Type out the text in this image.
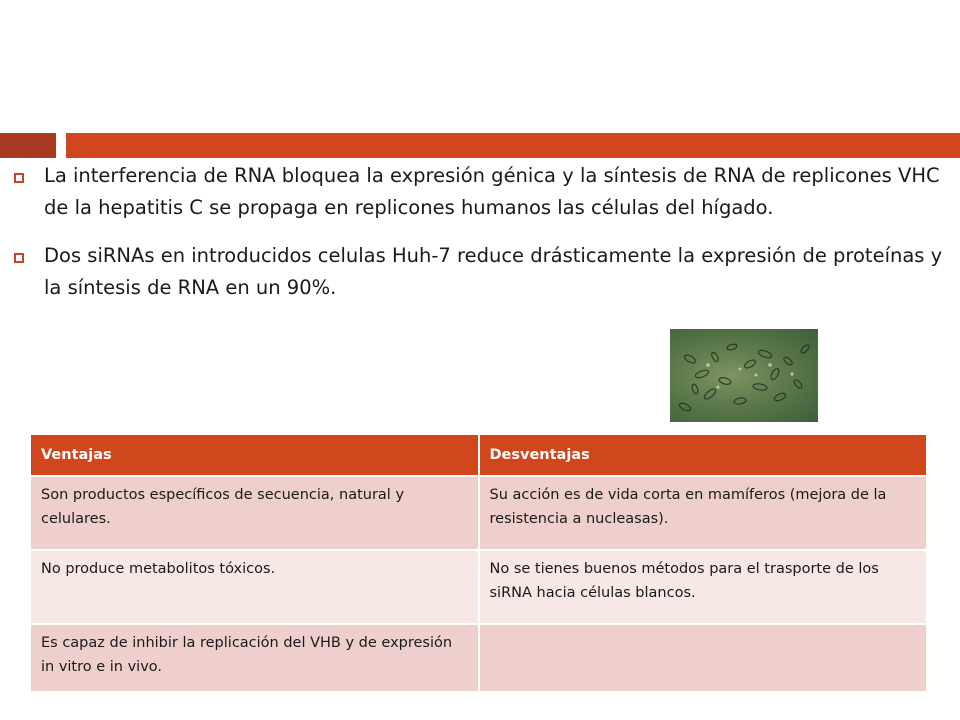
La interferencia de RNA bloquea la expresión génica y la síntesis de RNA de replicones VHC de la hepatitis C se propaga en replicones humanos las células del hígado.
Dos siRNAs en introducidos celulas Huh-7 reduce drásticamente la expresión de proteínas y la síntesis de RNA en un 90%.
Ventajas	Desventajas
Son productos específicos de secuencia, natural y celulares.	Su acción es de vida corta en mamíferos (mejora de la resistencia a nucleasas).
No produce metabolitos tóxicos.	No se tienes buenos métodos para el trasporte de los siRNA hacia células blancos.
Es capaz de inhibir la replicación del VHB y de expresión in vitro e in vivo.	
